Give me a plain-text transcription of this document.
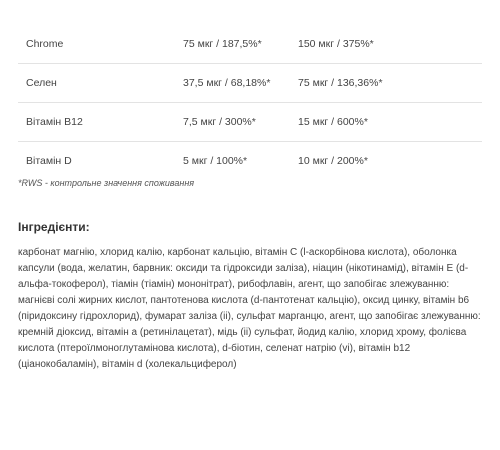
Chrome	75 мкг / 187,5%*	150 мкг / 375%*
Селен	37,5 мкг / 68,18%*	75 мкг / 136,36%*
Вітамін B12	7,5 мкг / 300%*	15 мкг / 600%*
Вітамін D	5 мкг / 100%*	10 мкг / 200%*
*RWS - контрольне значення споживання
Інгредієнти:
карбонат магнію, хлорид калію, карбонат кальцію, вітамін C (l-аскорбінова кислота), оболонка капсули (вода, желатин, барвник: оксиди та гідроксиди заліза), ніацин (нікотинамід), вітамін E (d-альфа-токоферол), тіамін (тіамін) мононітрат), рибофлавін, агент, що запобігає злежуванню: магнієві солі жирних кислот, пантотенова кислота (d-пантотенат кальцію), оксид цинку, вітамін b6 (піридоксину гідрохлорид), фумарат заліза (ii), сульфат марганцю, агент, що запобігає злежуванню: кремній діоксид, вітамін a (ретинілацетат), мідь (ii) сульфат, йодид калію, хлорид хрому, фолієва кислота (птероїлмоноглутамінова кислота), d-біотин, селенат натрію (vi), вітамін b12 (ціанокобаламін), вітамін d (холекальциферол)
